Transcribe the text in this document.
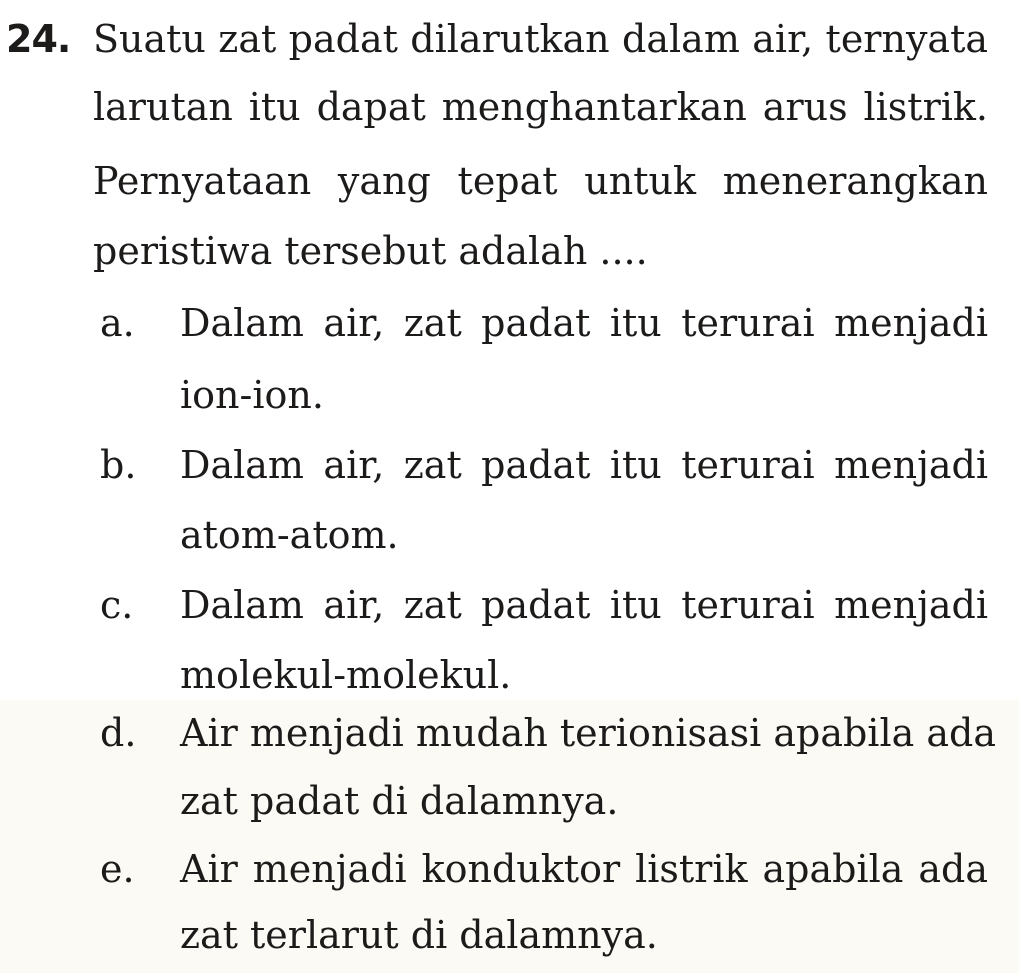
24. Suatu zat padat dilarutkan dalam air, ternyata
larutan itu dapat menghantarkan arus listrik.
Pernyataan yang tepat untuk menerangkan
peristiwa tersebut adalah ....
a. Dalam air, zat padat itu terurai menjadi
ion-ion.
b. Dalam air, zat padat itu terurai menjadi
atom-atom.
c. Dalam air, zat padat itu terurai menjadi
molekul-molekul.
d. Air menjadi mudah terionisasi apabila ada
zat padat di dalamnya.
e. Air menjadi konduktor listrik apabila ada
zat terlarut di dalamnya.
